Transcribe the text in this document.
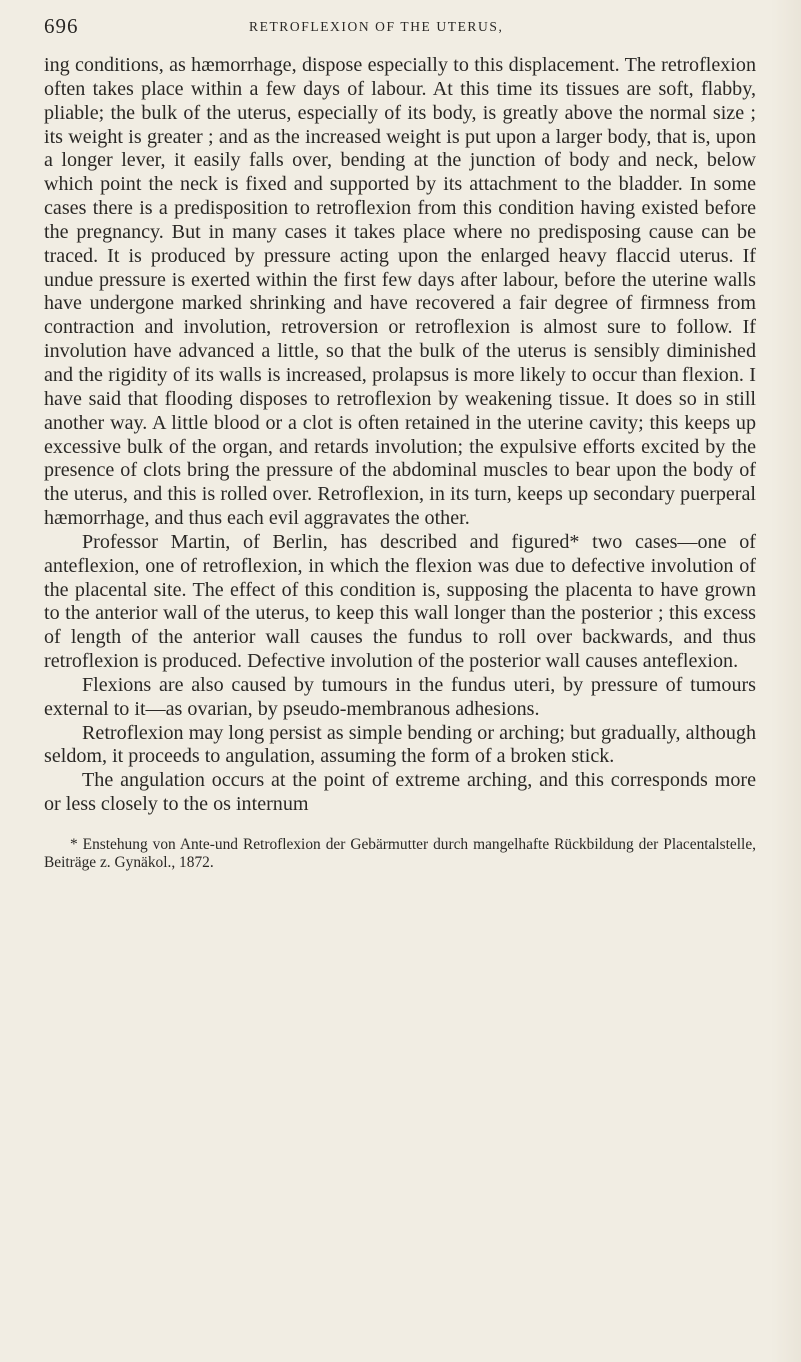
696	RETROFLEXION OF THE UTERUS,

ing conditions, as hæmorrhage, dispose especially to this displacement. The retroflexion often takes place within a few days of labour. At this time its tissues are soft, flabby, pliable; the bulk of the uterus, especially of its body, is greatly above the normal size ; its weight is greater ; and as the increased weight is put upon a larger body, that is, upon a longer lever, it easily falls over, bending at the junction of body and neck, below which point the neck is fixed and supported by its attachment to the bladder. In some cases there is a predisposition to retroflexion from this condition having existed before the pregnancy. But in many cases it takes place where no predisposing cause can be traced. It is produced by pressure acting upon the enlarged heavy flaccid uterus. If undue pressure is exerted within the first few days after labour, before the uterine walls have undergone marked shrinking and have recovered a fair degree of firmness from contraction and involution, retroversion or retroflexion is almost sure to follow. If involution have advanced a little, so that the bulk of the uterus is sensibly diminished and the rigidity of its walls is increased, prolapsus is more likely to occur than flexion. I have said that flooding disposes to retroflexion by weakening tissue. It does so in still another way. A little blood or a clot is often retained in the uterine cavity; this keeps up excessive bulk of the organ, and retards involution; the expulsive efforts excited by the presence of clots bring the pressure of the abdominal muscles to bear upon the body of the uterus, and this is rolled over. Retroflexion, in its turn, keeps up secondary puerperal hæmorrhage, and thus each evil aggravates the other.

Professor Martin, of Berlin, has described and figured* two cases—one of anteflexion, one of retroflexion, in which the flexion was due to defective involution of the placental site. The effect of this condition is, supposing the placenta to have grown to the anterior wall of the uterus, to keep this wall longer than the posterior ; this excess of length of the anterior wall causes the fundus to roll over backwards, and thus retroflexion is produced. Defective involution of the posterior wall causes anteflexion.

Flexions are also caused by tumours in the fundus uteri, by pressure of tumours external to it—as ovarian, by pseudo-membranous adhesions.

Retroflexion may long persist as simple bending or arching; but gradually, although seldom, it proceeds to angulation, assuming the form of a broken stick.

The angulation occurs at the point of extreme arching, and this corresponds more or less closely to the os internum

* Enstehung von Ante-und Retroflexion der Gebärmutter durch mangelhafte Rückbildung der Placentalstelle, Beiträge z. Gynäkol., 1872.
